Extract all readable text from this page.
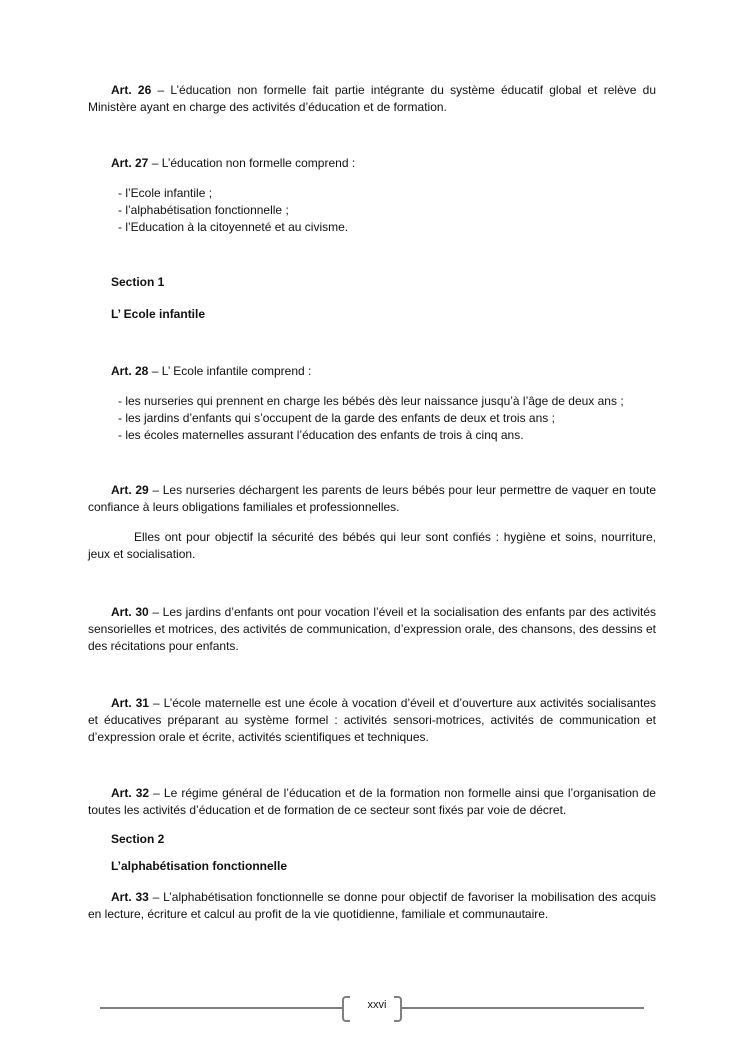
Art. 26 – L’éducation non formelle fait partie intégrante du système éducatif global et relève du Ministère ayant en charge des activités d’éducation et de formation.
Art. 27 – L’éducation non formelle comprend :
- l’Ecole infantile ;
- l’alphabétisation fonctionnelle ;
- l’Education à la citoyenneté et au civisme.
Section 1
L’ Ecole infantile
Art. 28 – L’ Ecole infantile comprend :
- les nurseries qui prennent en charge les bébés dès leur naissance jusqu’à l’âge de deux ans ;
- les jardins d’enfants qui s’occupent de la garde des enfants de deux et trois ans ;
- les écoles maternelles assurant l’éducation des enfants de trois à cinq ans.
Art. 29 – Les nurseries déchargent les parents de leurs bébés pour leur permettre de vaquer en toute confiance à leurs obligations familiales et professionnelles.
Elles ont pour objectif la sécurité des bébés qui leur sont confiés : hygiène et soins, nourriture, jeux et socialisation.
Art. 30 – Les jardins d’enfants ont pour vocation l’éveil et la socialisation des enfants par des activités sensorielles et motrices, des activités de communication, d’expression orale, des chansons, des dessins et des récitations pour enfants.
Art. 31 – L’école maternelle est une école à vocation d’éveil et d’ouverture aux activités socialisantes et éducatives préparant au système formel : activités sensori-motrices, activités de communication et d’expression orale et écrite, activités scientifiques et techniques.
Art. 32 – Le régime général de l’éducation et de la formation non formelle ainsi que l’organisation de toutes les activités d’éducation et de formation de ce secteur sont fixés par voie de décret.
Section 2
L’alphabétisation fonctionnelle
Art. 33 – L’alphabétisation fonctionnelle se donne pour objectif de favoriser la mobilisation des acquis en lecture, écriture et calcul au profit de la vie quotidienne, familiale et communautaire.
xxvi
